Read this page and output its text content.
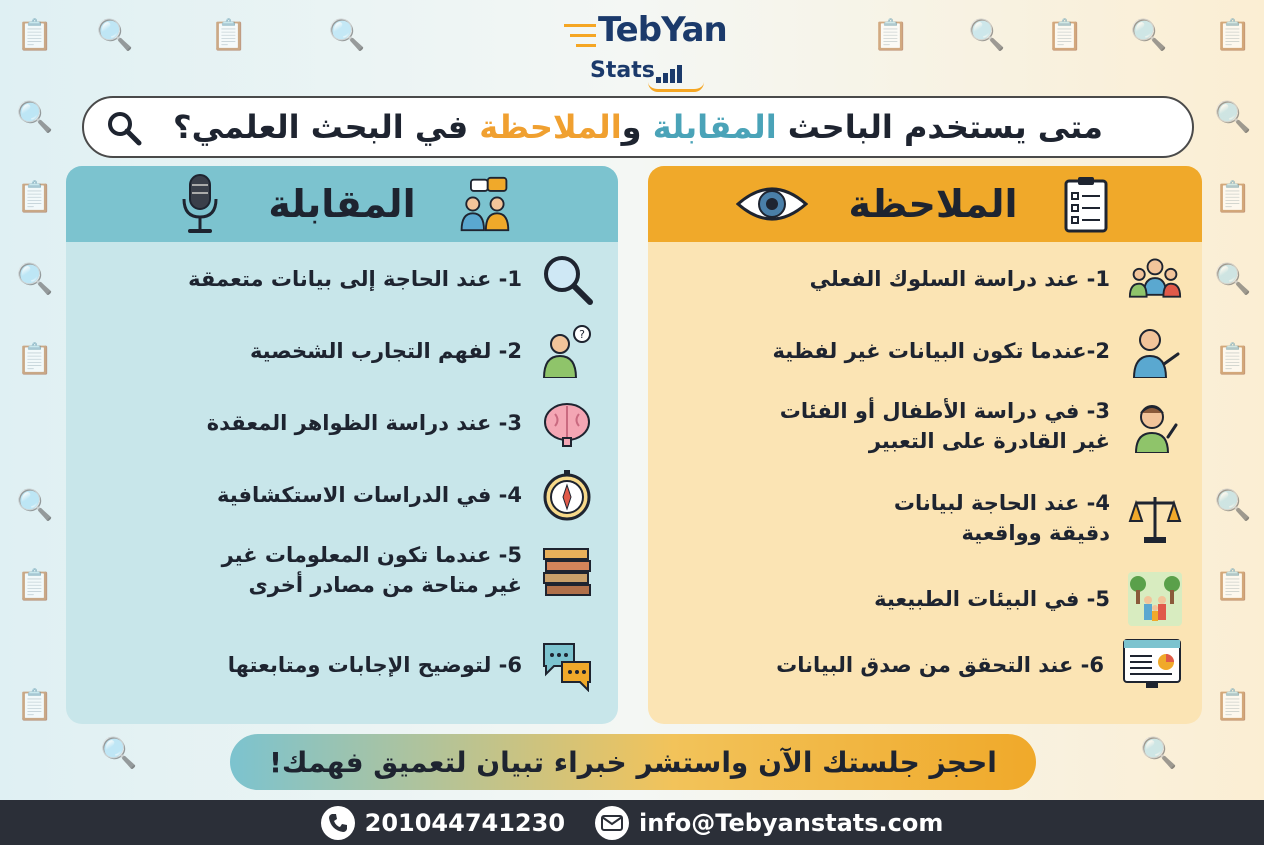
📋 🔍	📋	🔍	📋 🔍 📋 🔍 📋
🔍	🔍
📋	📋
🔍	🔍
📋	📋
🔍	🔍
📋	📋
📋	📋
🔍	🔍
TebYan
Stats
متى يستخدم الباحث المقابلة والملاحظة في البحث العلمي؟
المقابلة
1- عند الحاجة إلى بيانات متعمقة
?
2- لفهم التجارب الشخصية
3- عند دراسة الظواهر المعقدة
4- في الدراسات الاستكشافية
5- عندما تكون المعلومات غير
غير متاحة من مصادر أخرى
6- لتوضيح الإجابات ومتابعتها
الملاحظة
1- عند دراسة السلوك الفعلي
2-عندما تكون البيانات غير لفظية
3- في دراسة الأطفال أو الفئات
غير القادرة على التعبير
4- عند الحاجة لبيانات
دقيقة وواقعية
5- في البيئات الطبيعية
6- عند التحقق من صدق البيانات
احجز جلستك الآن واستشر خبراء تبيان لتعميق فهمك!
201044741230	info@Tebyanstats.com
